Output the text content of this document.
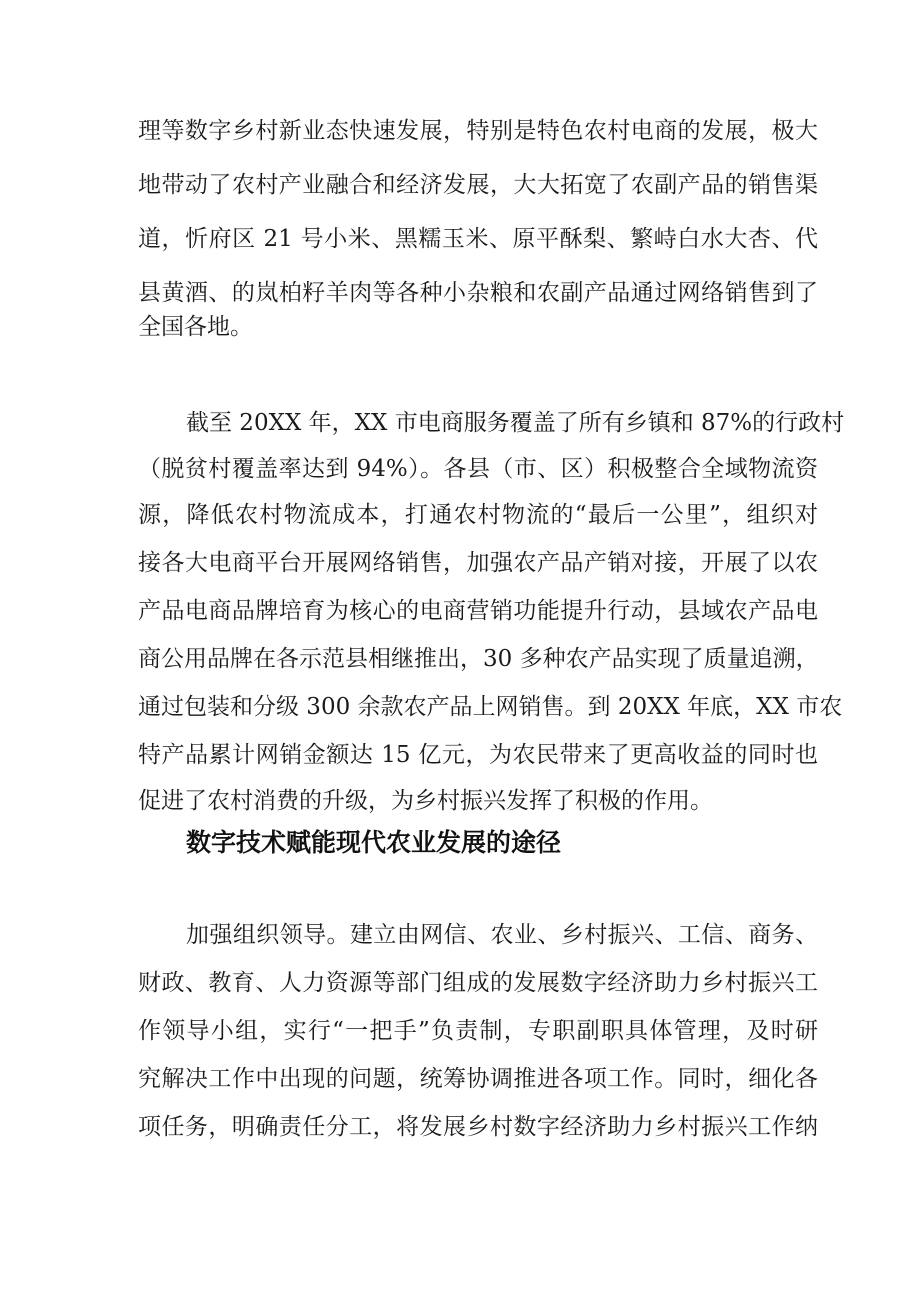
理等数字乡村新业态快速发展，特别是特色农村电商的发展，极大
地带动了农村产业融合和经济发展，大大拓宽了农副产品的销售渠
道，忻府区 21 号小米、黑糯玉米、原平酥梨、繁峙白水大杏、代
县黄酒、的岚柏籽羊肉等各种小杂粮和农副产品通过网络销售到了
全国各地。
截至 20XX 年，XX 市电商服务覆盖了所有乡镇和 87%的行政村
（脱贫村覆盖率达到 94%）。各县（市、区）积极整合全域物流资
源，降低农村物流成本，打通农村物流的“最后一公里”，组织对
接各大电商平台开展网络销售，加强农产品产销对接，开展了以农
产品电商品牌培育为核心的电商营销功能提升行动，县域农产品电
商公用品牌在各示范县相继推出，30 多种农产品实现了质量追溯，
通过包装和分级 300 余款农产品上网销售。到 20XX 年底，XX 市农
特产品累计网销金额达 15 亿元，为农民带来了更高收益的同时也
促进了农村消费的升级，为乡村振兴发挥了积极的作用。
数字技术赋能现代农业发展的途径
加强组织领导。建立由网信、农业、乡村振兴、工信、商务、
财政、教育、人力资源等部门组成的发展数字经济助力乡村振兴工
作领导小组，实行“一把手”负责制，专职副职具体管理，及时研
究解决工作中出现的问题，统筹协调推进各项工作。同时，细化各
项任务，明确责任分工，将发展乡村数字经济助力乡村振兴工作纳
